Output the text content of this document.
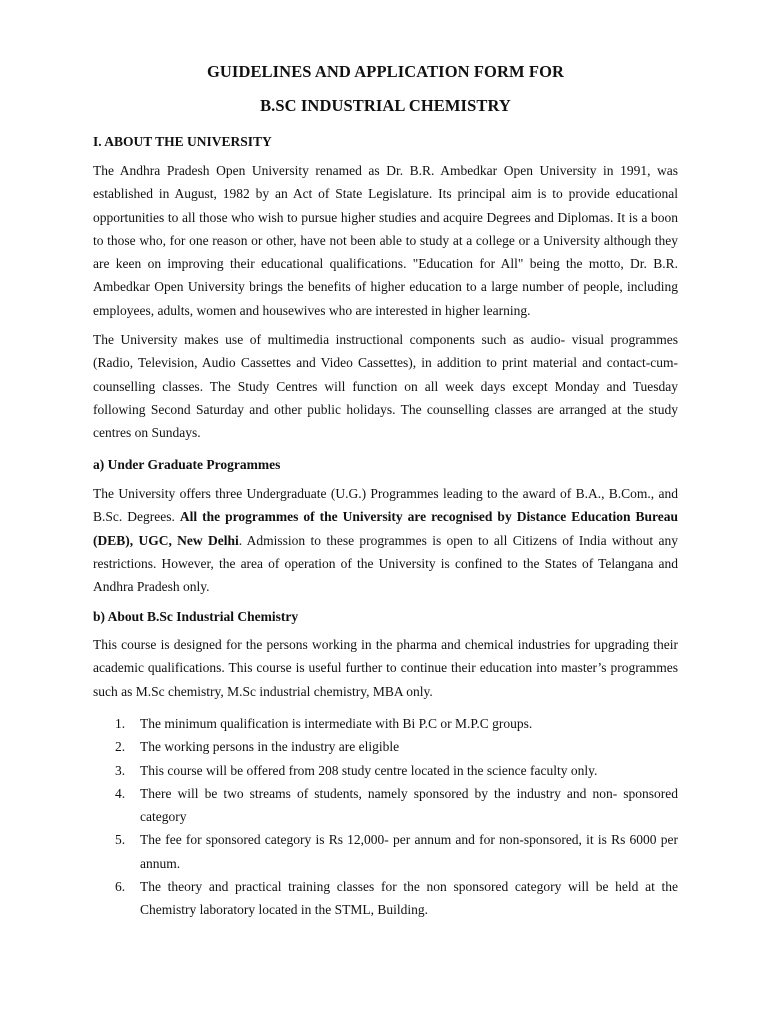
GUIDELINES AND APPLICATION FORM FOR
B.SC INDUSTRIAL CHEMISTRY
I. ABOUT THE UNIVERSITY
The Andhra Pradesh Open University renamed as Dr. B.R. Ambedkar Open University in 1991, was established in August, 1982 by an Act of State Legislature. Its principal aim is to provide educational opportunities to all those who wish to pursue higher studies and acquire Degrees and Diplomas. It is a boon to those who, for one reason or other, have not been able to study at a college or a University although they are keen on improving their educational qualifications. "Education for All" being the motto, Dr. B.R. Ambedkar Open University brings the benefits of higher education to a large number of people, including employees, adults, women and housewives who are interested in higher learning.
The University makes use of multimedia instructional components such as audio- visual programmes (Radio, Television, Audio Cassettes and Video Cassettes), in addition to print material and contact-cum-counselling classes. The Study Centres will function on all week days except Monday and Tuesday following Second Saturday and other public holidays. The counselling classes are arranged at the study centres on Sundays.
a) Under Graduate Programmes
The University offers three Undergraduate (U.G.) Programmes leading to the award of B.A., B.Com., and B.Sc. Degrees. All the programmes of the University are recognised by Distance Education Bureau (DEB), UGC, New Delhi. Admission to these programmes is open to all Citizens of India without any restrictions. However, the area of operation of the University is confined to the States of Telangana and Andhra Pradesh only.
b) About B.Sc Industrial Chemistry
This course is designed for the persons working in the pharma and chemical industries for upgrading their academic qualifications. This course is useful further to continue their education into master’s programmes such as M.Sc chemistry, M.Sc industrial chemistry, MBA only.
1. The minimum qualification is intermediate with Bi P.C or M.P.C groups.
2. The working persons in the industry are eligible
3. This course will be offered from 208 study centre located in the science faculty only.
4. There will be two streams of students, namely sponsored by the industry and non- sponsored category
5. The fee for sponsored category is Rs 12,000- per annum and for non-sponsored, it is Rs 6000 per annum.
6. The theory and practical training classes for the non sponsored category will be held at the Chemistry laboratory located in the STML, Building.
